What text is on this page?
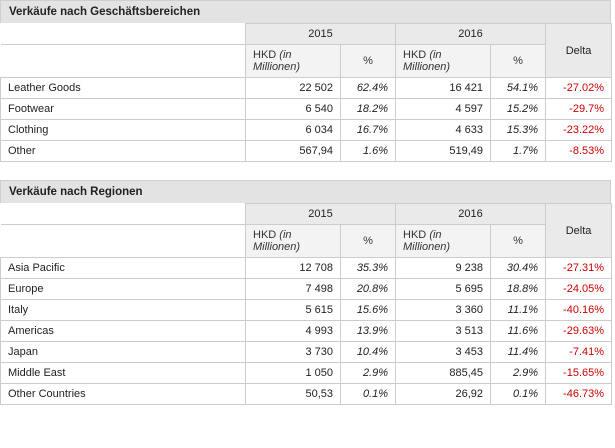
Verkäufe nach Geschäftsbereichen
	2015		2016		Delta
	HKD (in Millionen)	%	HKD (in Millionen)	%	
Leather Goods	22 502	62.4%	16 421	54.1%	-27.02%
Footwear	6 540	18.2%	4 597	15.2%	-29.7%
Clothing	6 034	16.7%	4 633	15.3%	-23.22%
Other	567,94	1.6%	519,49	1.7%	-8.53%
Verkäufe nach Regionen
	2015		2016		Delta
	HKD (in Millionen)	%	HKD (in Millionen)	%	
Asia Pacific	12 708	35.3%	9 238	30.4%	-27.31%
Europe	7 498	20.8%	5 695	18.8%	-24.05%
Italy	5 615	15.6%	3 360	11.1%	-40.16%
Americas	4 993	13.9%	3 513	11.6%	-29.63%
Japan	3 730	10.4%	3 453	11.4%	-7.41%
Middle East	1 050	2.9%	885,45	2.9%	-15.65%
Other Countries	50,53	0.1%	26,92	0.1%	-46.73%
